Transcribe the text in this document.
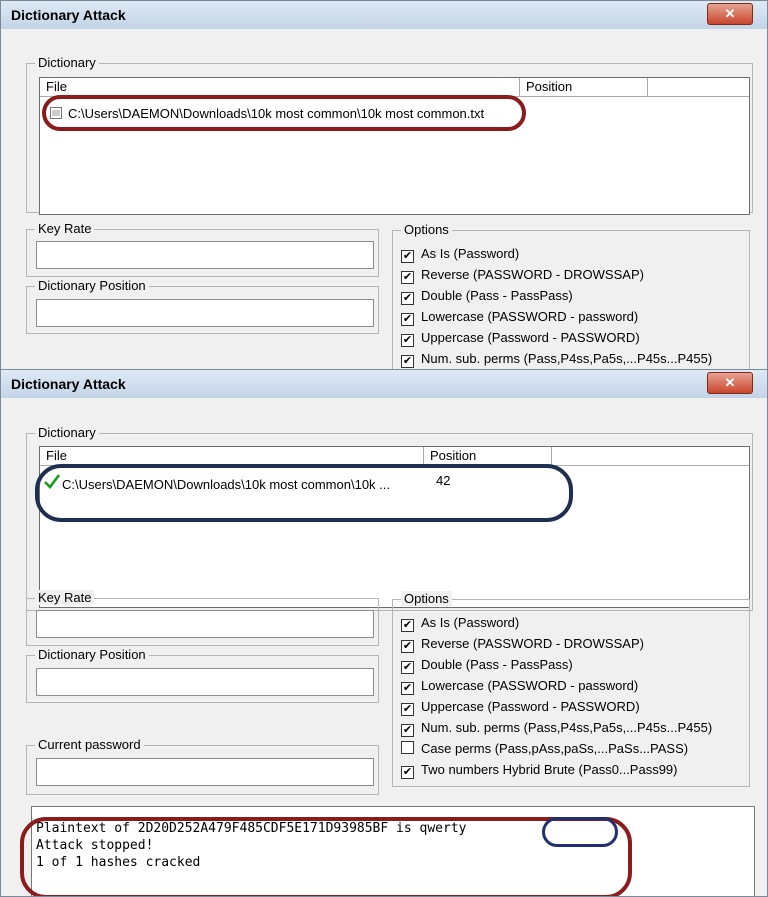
Dictionary Attack	✕
Dictionary
File	Position
C:\Users\DAEMON\Downloads\10k most common\10k most common.txt
Key Rate
Dictionary Position
Options
✔ As Is (Password)
✔ Reverse (PASSWORD - DROWSSAP)
✔ Double (Pass - PassPass)
✔ Lowercase (PASSWORD - password)
✔ Uppercase (Password - PASSWORD)
✔ Num. sub. perms (Pass,P4ss,Pa5s,...P45s...P455)
Dictionary Attack	✕
Dictionary
File	Position
C:\Users\DAEMON\Downloads\10k most common\10k ...	42
Key Rate
Dictionary Position
Current password
Options
✔ As Is (Password)
✔ Reverse (PASSWORD - DROWSSAP)
✔ Double (Pass - PassPass)
✔ Lowercase (PASSWORD - password)
✔ Uppercase (Password - PASSWORD)
✔ Num. sub. perms (Pass,P4ss,Pa5s,...P45s...P455)
Case perms (Pass,pAss,paSs,...PaSs...PASS)
✔ Two numbers Hybrid Brute (Pass0...Pass99)
Plaintext of 2D20D252A479F485CDF5E171D93985BF is qwerty
Attack stopped!
1 of 1 hashes cracked
